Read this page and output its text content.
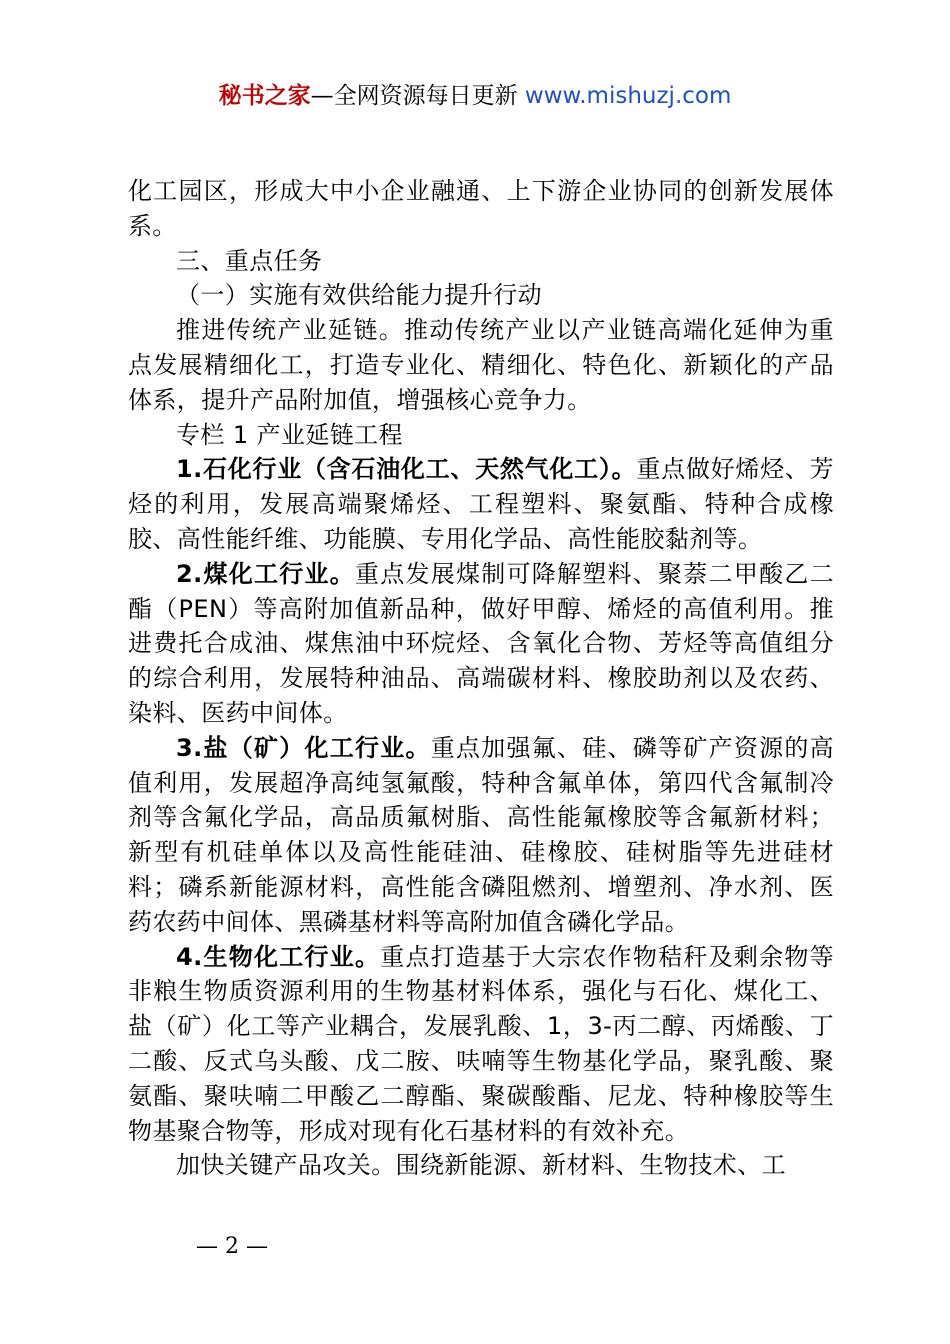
秘书之家—全网资源每日更新 www.mishuzj.com

化工园区，形成大中小企业融通、上下游企业协同的创新发展体系。

三、重点任务

（一）实施有效供给能力提升行动

推进传统产业延链。推动传统产业以产业链高端化延伸为重点发展精细化工，打造专业化、精细化、特色化、新颖化的产品体系，提升产品附加值，增强核心竞争力。

专栏 1 产业延链工程

1.石化行业（含石油化工、天然气化工）。重点做好烯烃、芳烃的利用，发展高端聚烯烃、工程塑料、聚氨酯、特种合成橡胶、高性能纤维、功能膜、专用化学品、高性能胶黏剂等。

2.煤化工行业。重点发展煤制可降解塑料、聚萘二甲酸乙二酯（PEN）等高附加值新品种，做好甲醇、烯烃的高值利用。推进费托合成油、煤焦油中环烷烃、含氧化合物、芳烃等高值组分的综合利用，发展特种油品、高端碳材料、橡胶助剂以及农药、染料、医药中间体。

3.盐（矿）化工行业。重点加强氟、硅、磷等矿产资源的高值利用，发展超净高纯氢氟酸，特种含氟单体，第四代含氟制冷剂等含氟化学品，高品质氟树脂、高性能氟橡胶等含氟新材料；新型有机硅单体以及高性能硅油、硅橡胶、硅树脂等先进硅材料；磷系新能源材料，高性能含磷阻燃剂、增塑剂、净水剂、医药农药中间体、黑磷基材料等高附加值含磷化学品。

4.生物化工行业。重点打造基于大宗农作物秸秆及剩余物等非粮生物质资源利用的生物基材料体系，强化与石化、煤化工、盐（矿）化工等产业耦合，发展乳酸、1，3-丙二醇、丙烯酸、丁二酸、反式乌头酸、戊二胺、呋喃等生物基化学品，聚乳酸、聚氨酯、聚呋喃二甲酸乙二醇酯、聚碳酸酯、尼龙、特种橡胶等生物基聚合物等，形成对现有化石基材料的有效补充。

加快关键产品攻关。围绕新能源、新材料、生物技术、工

— 2 —
